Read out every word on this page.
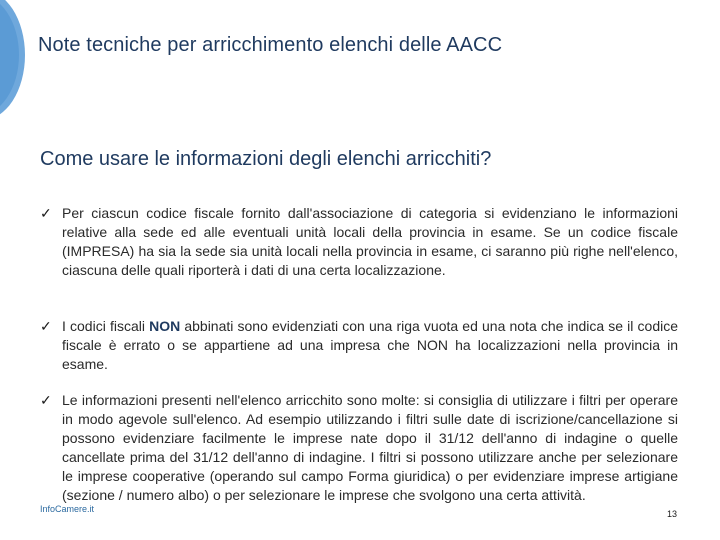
Note tecniche per arricchimento elenchi delle AACC
Come usare le informazioni degli elenchi arricchiti?
✓ Per ciascun codice fiscale fornito dall'associazione di categoria si evidenziano le informazioni relative alla sede ed alle eventuali unità locali della provincia in esame. Se un codice fiscale (IMPRESA) ha sia la sede sia unità locali nella provincia in esame, ci saranno più righe nell'elenco, ciascuna delle quali riporterà i dati di una certa localizzazione.
✓ I codici fiscali NON abbinati sono evidenziati con una riga vuota ed una nota che indica se il codice fiscale è errato o se appartiene ad una impresa che NON ha localizzazioni nella provincia in esame.
✓ Le informazioni presenti nell'elenco arricchito sono molte: si consiglia di utilizzare i filtri per operare in modo agevole sull'elenco. Ad esempio utilizzando i filtri sulle date di iscrizione/cancellazione si possono evidenziare facilmente le imprese nate dopo il 31/12 dell'anno di indagine o quelle cancellate prima del 31/12 dell'anno di indagine. I filtri si possono utilizzare anche per selezionare le imprese cooperative (operando sul campo Forma giuridica) o per evidenziare imprese artigiane (sezione / numero albo) o per selezionare le imprese che svolgono una certa attività.
InfoCamere.it	13
